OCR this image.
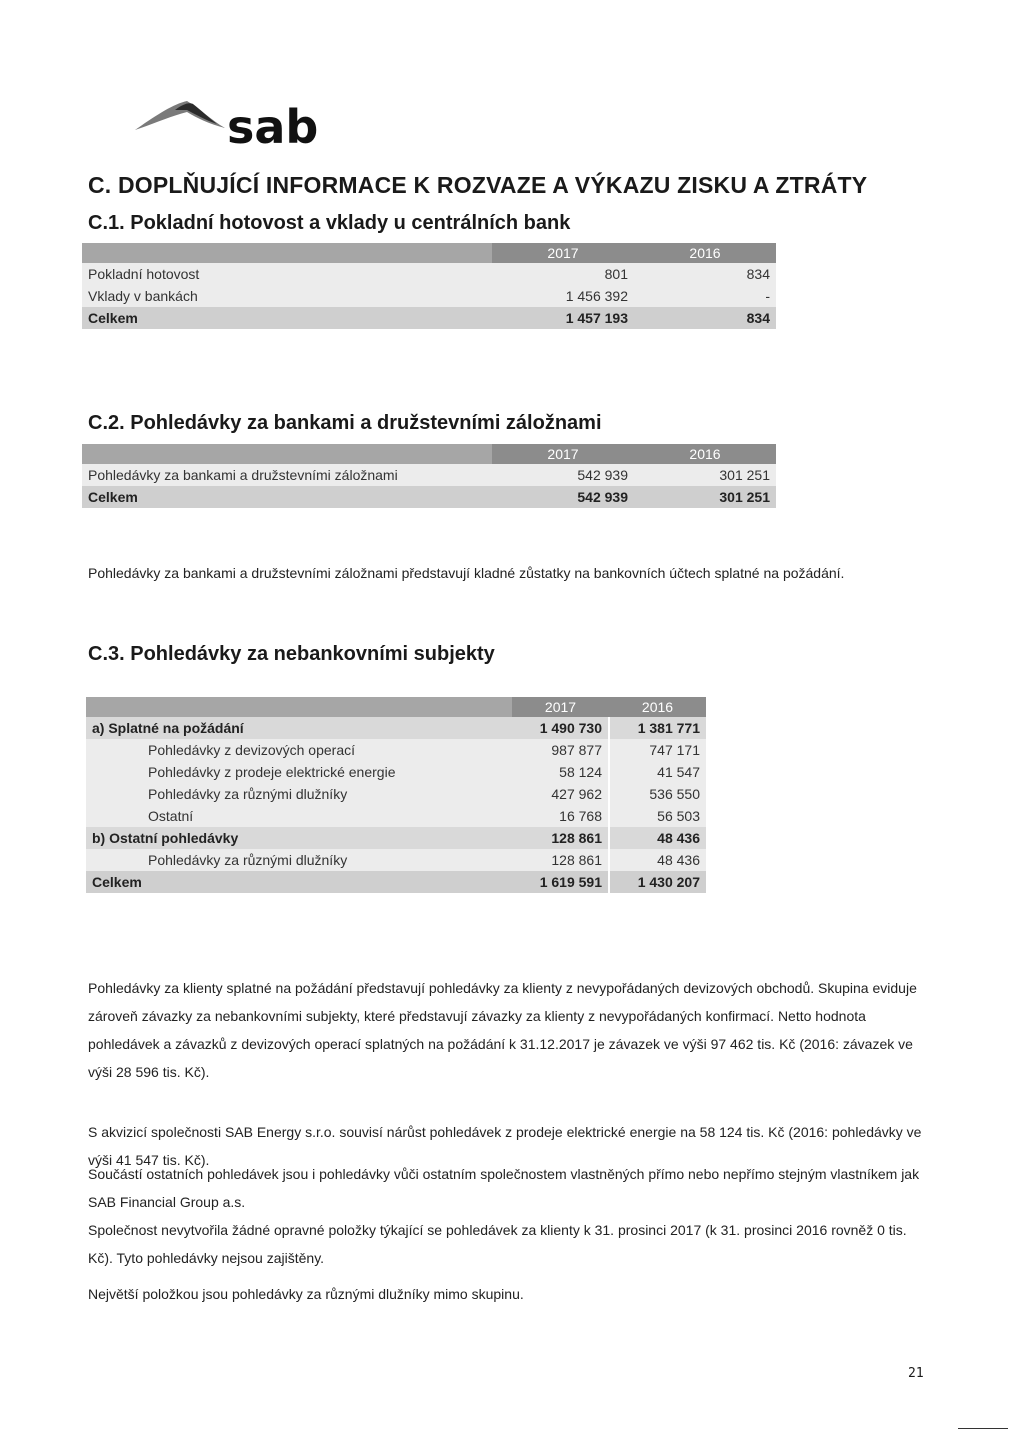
sab
C. DOPLŇUJÍCÍ INFORMACE K ROZVAZE A VÝKAZU ZISKU A ZTRÁTY
C.1. Pokladní hotovost a vklady u centrálních bank
	2017	2016
Pokladní hotovost	801	834
Vklady v bankách	1 456 392	-
Celkem	1 457 193	834
C.2. Pohledávky za bankami a družstevními záložnami
	2017	2016
Pohledávky za bankami a družstevními záložnami	542 939	301 251
Celkem	542 939	301 251
Pohledávky za bankami a družstevními záložnami představují kladné zůstatky na bankovních účtech splatné na požádání.
C.3. Pohledávky za nebankovními subjekty
	2017	2016
a) Splatné na požádání	1 490 730	1 381 771
Pohledávky z devizových operací	987 877	747 171
Pohledávky z prodeje elektrické energie	58 124	41 547
Pohledávky za různými dlužníky	427 962	536 550
Ostatní	16 768	56 503
b) Ostatní pohledávky	128 861	48 436
Pohledávky za různými dlužníky	128 861	48 436
Celkem	1 619 591	1 430 207
Pohledávky za klienty splatné na požádání představují pohledávky za klienty z nevypořádaných devizových obchodů. Skupina eviduje zároveň závazky za nebankovními subjekty, které představují závazky za klienty z nevypořádaných konfirmací. Netto hodnota pohledávek a závazků z devizových operací splatných na požádání k 31.12.2017 je závazek ve výši 97 462 tis. Kč (2016: závazek ve výši 28 596 tis. Kč).
S akvizicí společnosti SAB Energy s.r.o. souvisí nárůst pohledávek z prodeje elektrické energie na 58 124 tis. Kč (2016: pohledávky ve výši 41 547 tis. Kč).
Součástí ostatních pohledávek jsou i pohledávky vůči ostatním společnostem vlastněných přímo nebo nepřímo stejným vlastníkem jak SAB Financial Group a.s.
Společnost nevytvořila žádné opravné položky týkající se pohledávek za klienty k 31. prosinci 2017 (k 31. prosinci 2016 rovněž 0 tis. Kč). Tyto pohledávky nejsou zajištěny.
Největší položkou jsou pohledávky za různými dlužníky mimo skupinu.
21
